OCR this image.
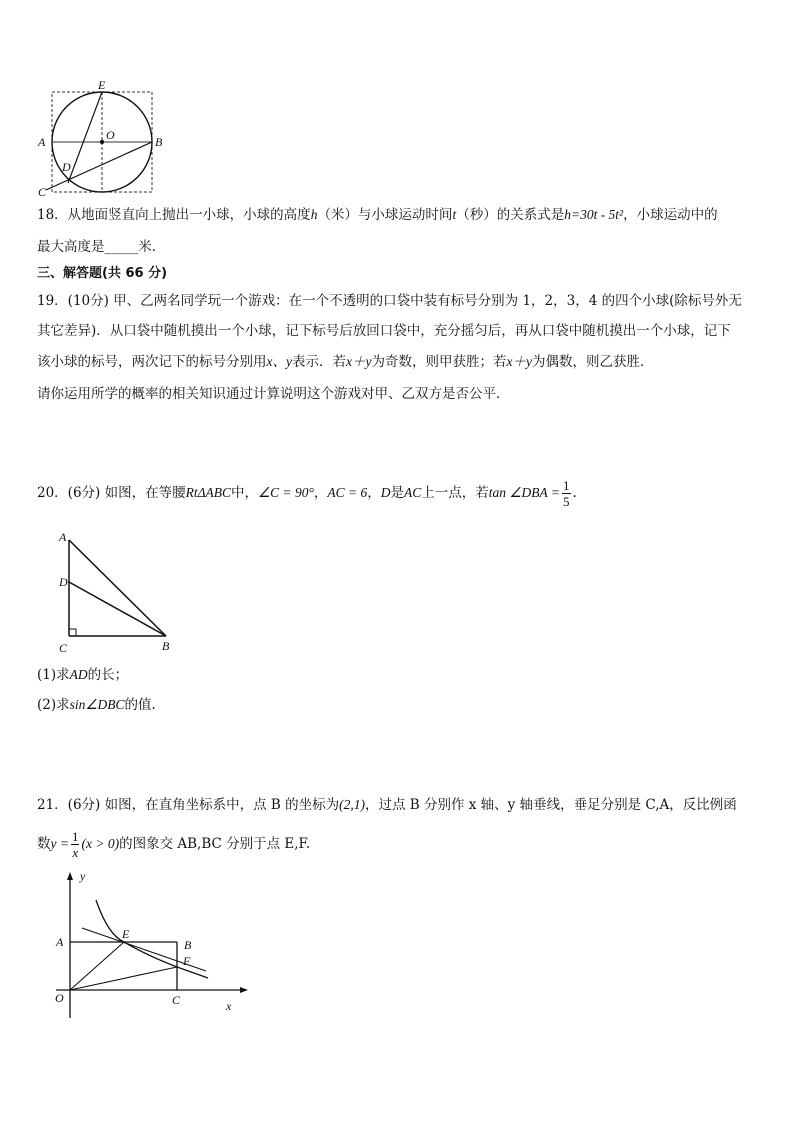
E
O
A	B
D
C
18．从地面竖直向上抛出一小球，小球的高度h（米）与小球运动时间t（秒）的关系式是h=30t - 5t²，小球运动中的
最大高度是_____米．
三、解答题(共 66 分)
19．(10分) 甲、乙两名同学玩一个游戏：在一个不透明的口袋中装有标号分别为 1，2，3，4 的四个小球(除标号外无
其它差异)．从口袋中随机摸出一个小球，记下标号后放回口袋中，充分摇匀后，再从口袋中随机摸出一个小球，记下
该小球的标号，两次记下的标号分别用x、y表示．若x＋y为奇数，则甲获胜；若x＋y为偶数，则乙获胜．
请你运用所学的概率的相关知识通过计算说明这个游戏对甲、乙双方是否公平．
20．(6分) 如图，在等腰RtΔABC中，∠C = 90°，AC = 6，D是AC上一点，若tan ∠DBA = $\frac{1}{5}$ .
A
D
C	B
(1)求AD的长；
(2)求sin∠DBC的值.
21．(6分) 如图，在直角坐标系中，点 B 的坐标为(2,1)，过点 B 分别作 x 轴、y 轴垂线，垂足分别是 C,A，反比例函
数$y = \frac{1}{x} (x > 0)$的图象交 AB,BC 分别于点 E,F.
y
x
A
E
B
F
O	C
